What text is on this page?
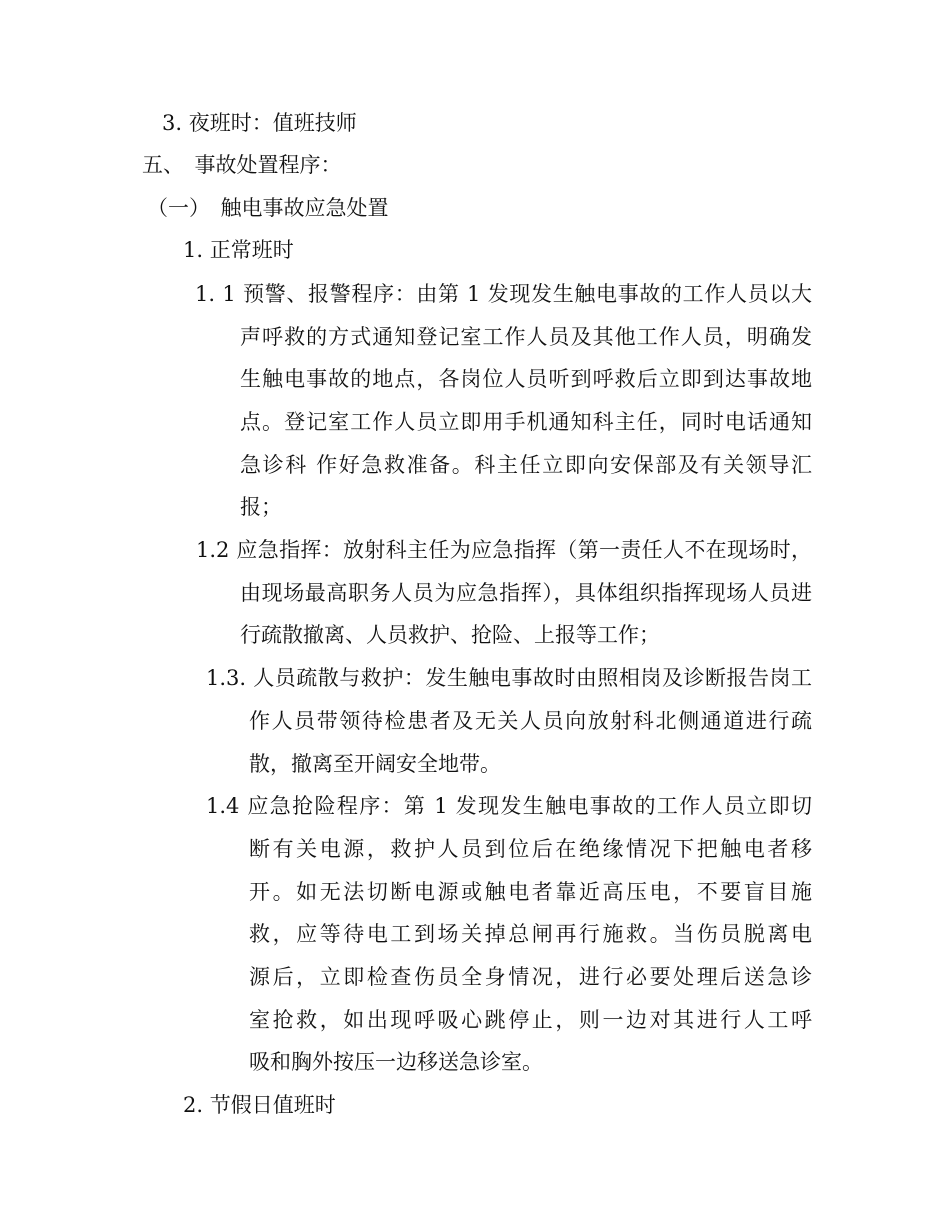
3. 夜班时：值班技师

五、　事故处置程序：

（一）　触电事故应急处置

1. 正常班时

1. 1 预警、报警程序：由第 1 发现发生触电事故的工作人员以大

声呼救的方式通知登记室工作人员及其他工作人员，明确发

生触电事故的地点，各岗位人员听到呼救后立即到达事故地

点。登记室工作人员立即用手机通知科主任，同时电话通知

急诊科 作好急救准备。科主任立即向安保部及有关领导汇

报；

1.2 应急指挥：放射科主任为应急指挥（第一责任人不在现场时，

由现场最高职务人员为应急指挥），具体组织指挥现场人员进

行疏散撤离、人员救护、抢险、上报等工作；

1.3. 人员疏散与救护：发生触电事故时由照相岗及诊断报告岗工

作人员带领待检患者及无关人员向放射科北侧通道进行疏

散，撤离至开阔安全地带。

1.4 应急抢险程序：第 1 发现发生触电事故的工作人员立即切

断有关电源，救护人员到位后在绝缘情况下把触电者移

开。如无法切断电源或触电者靠近高压电，不要盲目施

救，应等待电工到场关掉总闸再行施救。当伤员脱离电

源后，立即检查伤员全身情况，进行必要处理后送急诊

室抢救，如出现呼吸心跳停止，则一边对其进行人工呼

吸和胸外按压一边移送急诊室。

2. 节假日值班时
